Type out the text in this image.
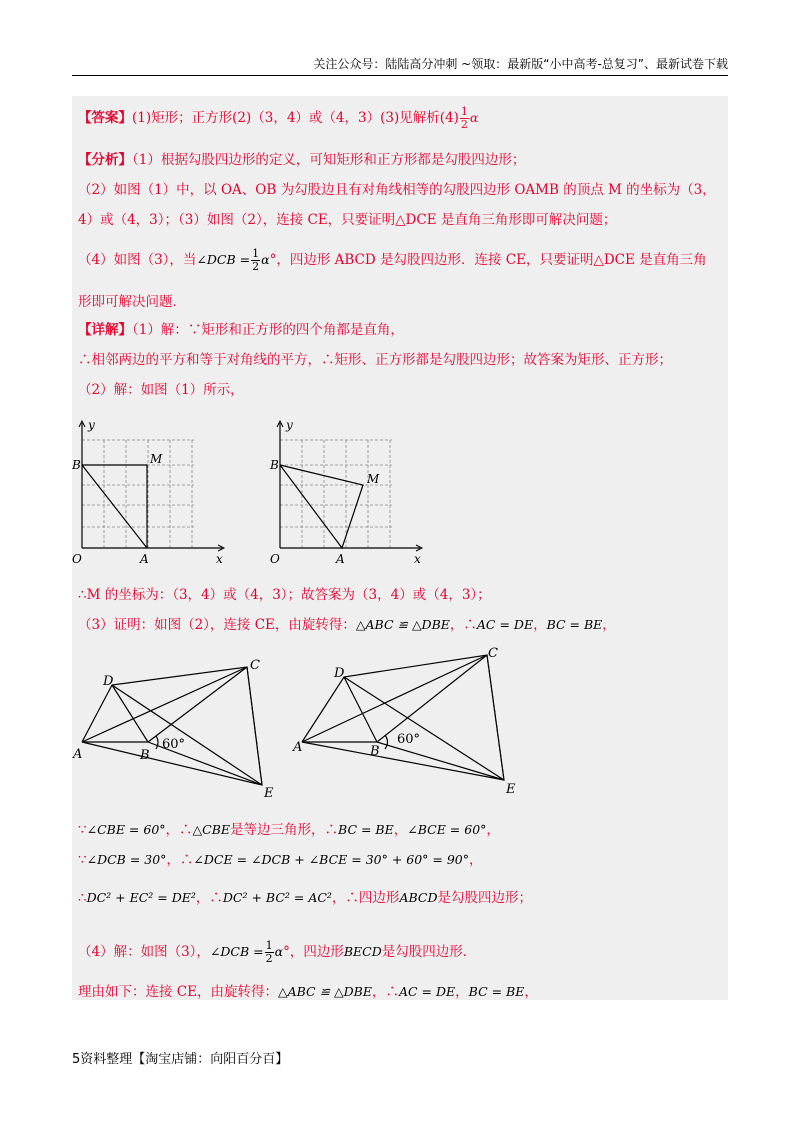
关注公众号：陆陆高分冲刺 ~领取：最新版“小中高考-总复习”、最新试卷下载
【答案】(1)矩形；正方形(2)（3，4）或（4，3）(3)见解析$(4) \frac{1}{2}$ α
【分析】（1）根据勾股四边形的定义，可知矩形和正方形都是勾股四边形；
（2）如图（1）中，以 OA、OB 为勾股边且有对角线相等的勾股四边形 OAMB 的顶点 M 的坐标为（3，
4）或（4，3）；（3）如图（2），连接 CE，只要证明△DCE 是直角三角形即可解决问题；
（4）如图（3），当∠DCB = $\frac{1}{2} \alpha^\circ$，四边形 ABCD 是勾股四边形．连接 CE，只要证明△DCE 是直角三角
形即可解决问题．
【详解】（1）解：∵矩形和正方形的四个角都是直角，
∴相邻两边的平方和等于对角线的平方，∴矩形、正方形都是勾股四边形；故答案为矩形、正方形；
（2）解：如图（1）所示，
y
x
O	A
B	M
y
x
O	A
B
M
∴M 的坐标为：（3，4）或（4，3）；故答案为（3，4）或（4，3）；
（3）证明：如图（2），连接 CE，由旋转得：△ABC ≌ △DBE，∴AC = DE，BC = BE，
A	B
C
D
E
60°	A	B
C
D
E
60°
∵∠CBE = 60°，∴△CBE是等边三角形，∴BC = BE，∠BCE = 60°，
∵∠DCB = 30°，∴∠DCE = ∠DCB + ∠BCE = 30° + 60° = 90°，
∴DC² + EC² = DE²，∴DC² + BC² = AC²，∴四边形ABCD是勾股四边形；
（4）解：如图（3），∠DCB = $\frac{1}{2} \alpha^\circ$，四边形BECD是勾股四边形．
理由如下：连接 CE，由旋转得：△ABC ≌ △DBE，∴AC = DE，BC = BE，
5资料整理【淘宝店铺：向阳百分百】
